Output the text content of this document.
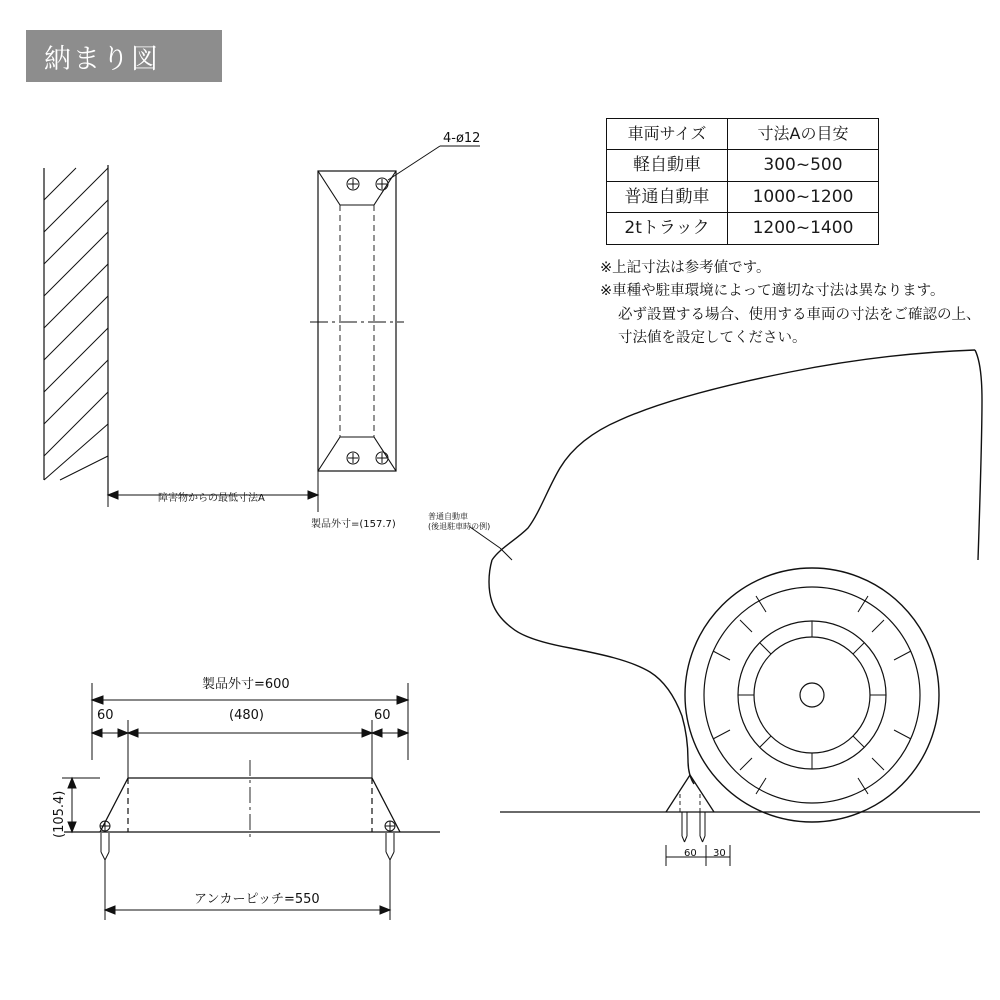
納まり図
車両サイズ	寸法Aの目安
軽自動車	300~500
普通自動車	1000~1200
2tトラック	1200~1400
※上記寸法は参考値です。
※車種や駐車環境によって適切な寸法は異なります。
必ず設置する場合、使用する車両の寸法をご確認の上、
寸法値を設定してください。
4-ø12
障害物からの最低寸法A
製品外寸=(157.7)
普通自動車
(後退駐車時の例)
60 30
製品外寸=600
60	(480)	60
(105.4)
アンカーピッチ=550
